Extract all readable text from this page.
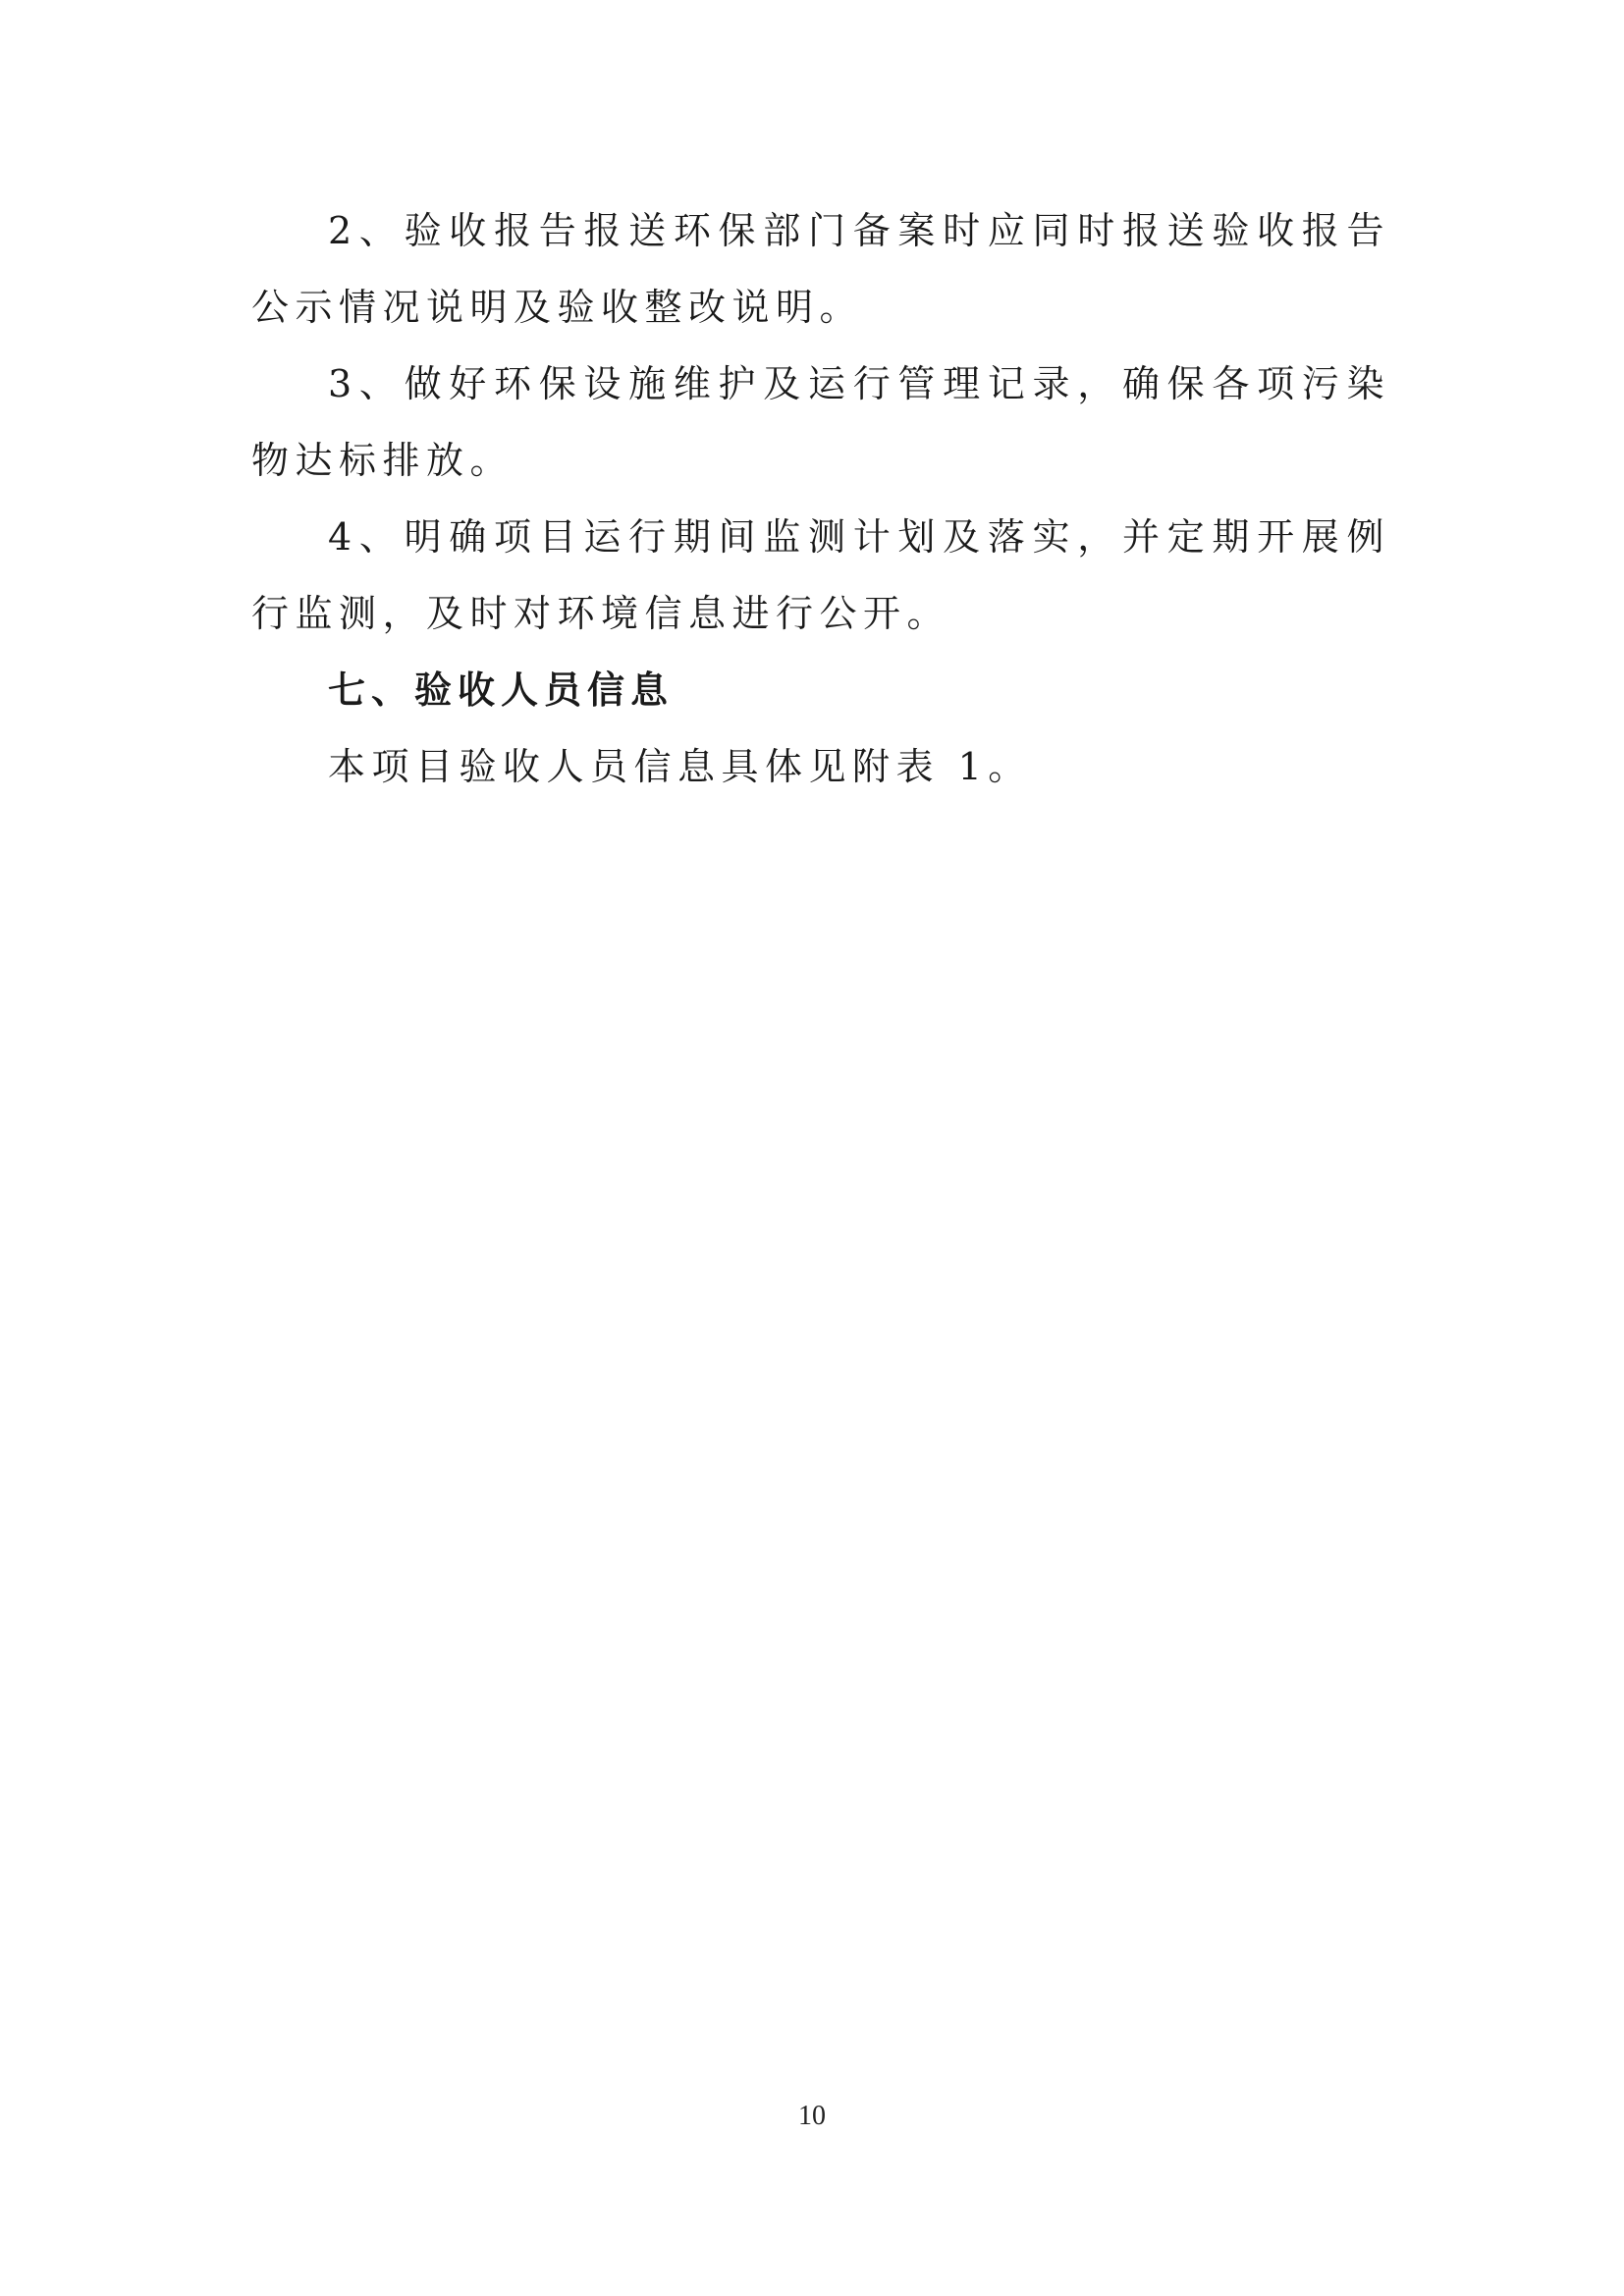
2、验收报告报送环保部门备案时应同时报送验收报告公示情况说明及验收整改说明。

3、做好环保设施维护及运行管理记录，确保各项污染物达标排放。

4、明确项目运行期间监测计划及落实，并定期开展例行监测，及时对环境信息进行公开。

七、验收人员信息

本项目验收人员信息具体见附表 1。

10
